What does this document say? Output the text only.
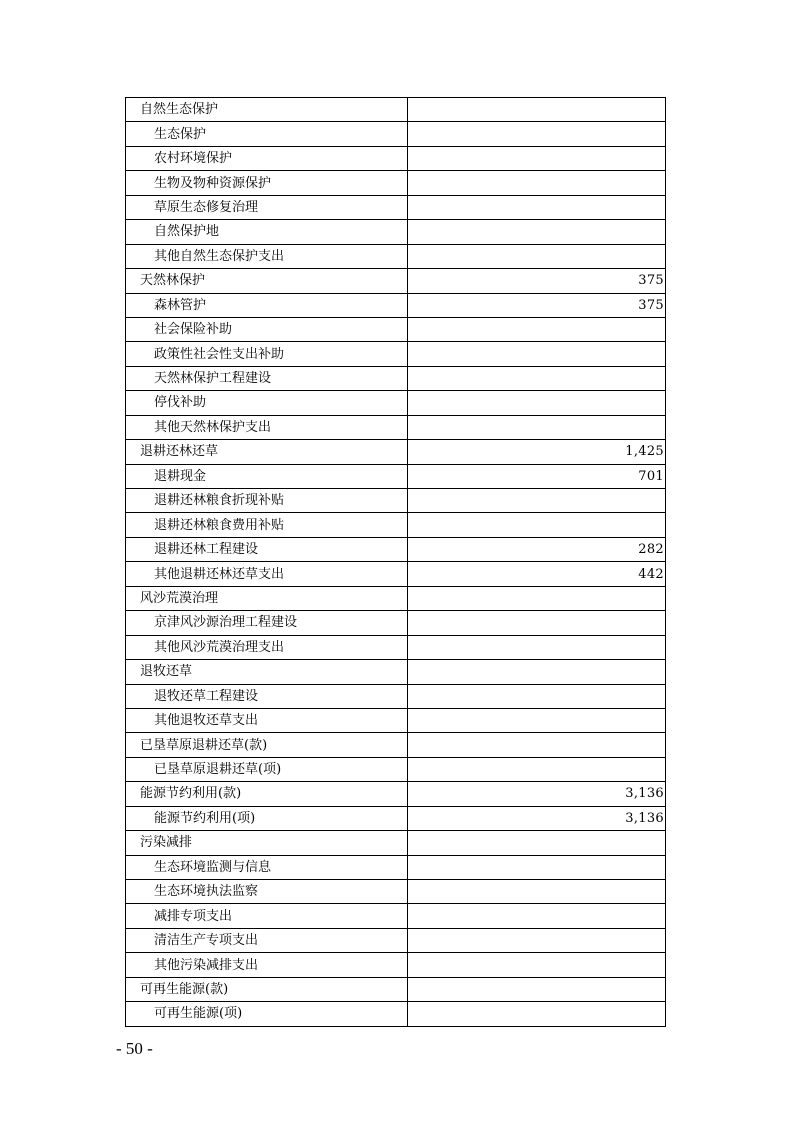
自然生态保护	
生态保护	
农村环境保护	
生物及物种资源保护	
草原生态修复治理	
自然保护地	
其他自然生态保护支出	
天然林保护	375
森林管护	375
社会保险补助	
政策性社会性支出补助	
天然林保护工程建设	
停伐补助	
其他天然林保护支出	
退耕还林还草	1,425
退耕现金	701
退耕还林粮食折现补贴	
退耕还林粮食费用补贴	
退耕还林工程建设	282
其他退耕还林还草支出	442
风沙荒漠治理	
京津风沙源治理工程建设	
其他风沙荒漠治理支出	
退牧还草	
退牧还草工程建设	
其他退牧还草支出	
已垦草原退耕还草(款)	
已垦草原退耕还草(项)	
能源节约利用(款)	3,136
能源节约利用(项)	3,136
污染减排	
生态环境监测与信息	
生态环境执法监察	
减排专项支出	
清洁生产专项支出	
其他污染减排支出	
可再生能源(款)	
可再生能源(项)	
- 50 -
